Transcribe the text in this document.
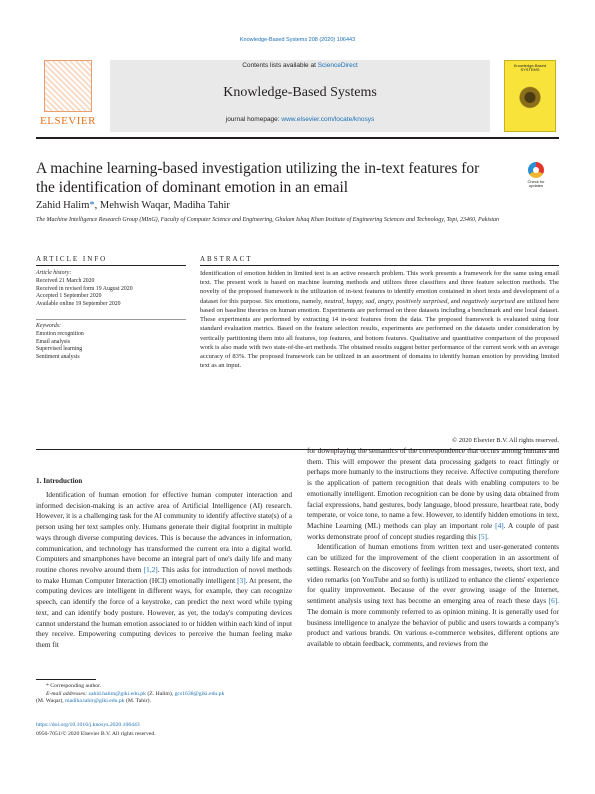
Knowledge-Based Systems 208 (2020) 106443
ELSEVIER
Contents lists available at ScienceDirect
Knowledge-Based Systems
journal homepage: www.elsevier.com/locate/knosys
Knowledge-Based SYSTEMS
A machine learning-based investigation utilizing the in-text features for the identification of dominant emotion in an email	Check for updates
Zahid Halim*, Mehwish Waqar, Madiha Tahir
The Machine Intelligence Research Group (MInG), Faculty of Computer Science and Engineering, Ghulam Ishaq Khan Institute of Engineering Sciences and Technology, Topi, 23460, Pakistan
ARTICLE INFO	ABSTRACT
Article history:
Received 21 March 2020
Received in revised form 19 August 2020
Accepted 1 September 2020
Available online 19 September 2020
Keywords:
Emotion recognition
Email analysis
Supervised learning
Sentiment analysis
Identification of emotion hidden in limited text is an active research problem. This work presents a framework for the same using email text. The present work is based on machine learning methods and utilizes three classifiers and three feature selection methods. The novelty of the proposed framework is the utilization of in-text features to identify emotion contained in short texts and development of a dataset for this purpose. Six emotions, namely, neutral, happy, sad, angry, positively surprised, and negatively surprised are utilized here based on baseline theories on human emotion. Experiments are performed on three datasets including a benchmark and one local dataset. These experiments are performed by extracting 14 in-text features from the data. The proposed framework is evaluated using four standard evaluation metrics. Based on the feature selection results, experiments are performed on the datasets under consideration by vertically partitioning them into all features, top features, and bottom features. Qualitative and quantitative comparison of the proposed work is also made with two state-of-the-art methods. The obtained results suggest better performance of the current work with an average accuracy of 83%. The proposed framework can be utilized in an assortment of domains to identify human emotion by providing limited text as an input.
© 2020 Elsevier B.V. All rights reserved.
1. Introduction

Identification of human emotion for effective human computer interaction and informed decision-making is an active area of Artificial Intelligence (AI) research. However, it is a challenging task for the AI community to identify affective state(s) of a person using her text samples only. Humans generate their digital footprint in multiple ways through diverse computing devices. This is because the advances in information, communication, and technology has transformed the current era into a digital world. Computers and smartphones have become an integral part of one's daily life and many routine chores revolve around them [1,2]. This asks for introduction of novel methods to make Human Computer Interaction (HCI) emotionally intelligent [3]. At present, the computing devices are intelligent in different ways, for example, they can recognize speech, can identify the force of a keystroke, can predict the next word while typing text, and can identify body posture. However, as yet, the today's computing devices cannot understand the human emotion associated to or hidden within each kind of input they receive. Empowering computing devices to perceive the human feeling make them fit

for downplaying the semantics of the correspondence that occurs among humans and them. This will empower the present data processing gadgets to react fittingly or perhaps more humanly to the instructions they receive. Affective computing therefore is the application of pattern recognition that deals with enabling computers to be emotionally intelligent. Emotion recognition can be done by using data obtained from facial expressions, hand gestures, body language, blood pressure, heartbeat rate, body temperate, or voice tone, to name a few. However, to identify hidden emotions in text, Machine Learning (ML) methods can play an important role [4]. A couple of past works demonstrate proof of concept studies regarding this [5].

Identification of human emotions from written text and user-generated contents can be utilized for the improvement of the client cooperation in an assortment of settings. Research on the discovery of feelings from messages, tweets, short text, and video remarks (on YouTube and so forth) is utilized to enhance the clients' experience for quality improvement. Because of the ever growing usage of the Internet, sentiment analysis using text has become an emerging area of reach these days [6]. The domain is more commonly referred to as opinion mining. It is generally used for business intelligence to analyze the behavior of public and users towards a company's product and various brands. On various e-commerce websites, different options are available to obtain feedback, comments, and reviews from the

* Corresponding author.
E-mail addresses: zahid.halim@giki.edu.pk (Z. Halim), gcs1638@giki.edu.pk
(M. Waqar), madiha.tahir@giki.edu.pk (M. Tahir).
https://doi.org/10.1016/j.knosys.2020.106443
0950-7051/© 2020 Elsevier B.V. All rights reserved.
